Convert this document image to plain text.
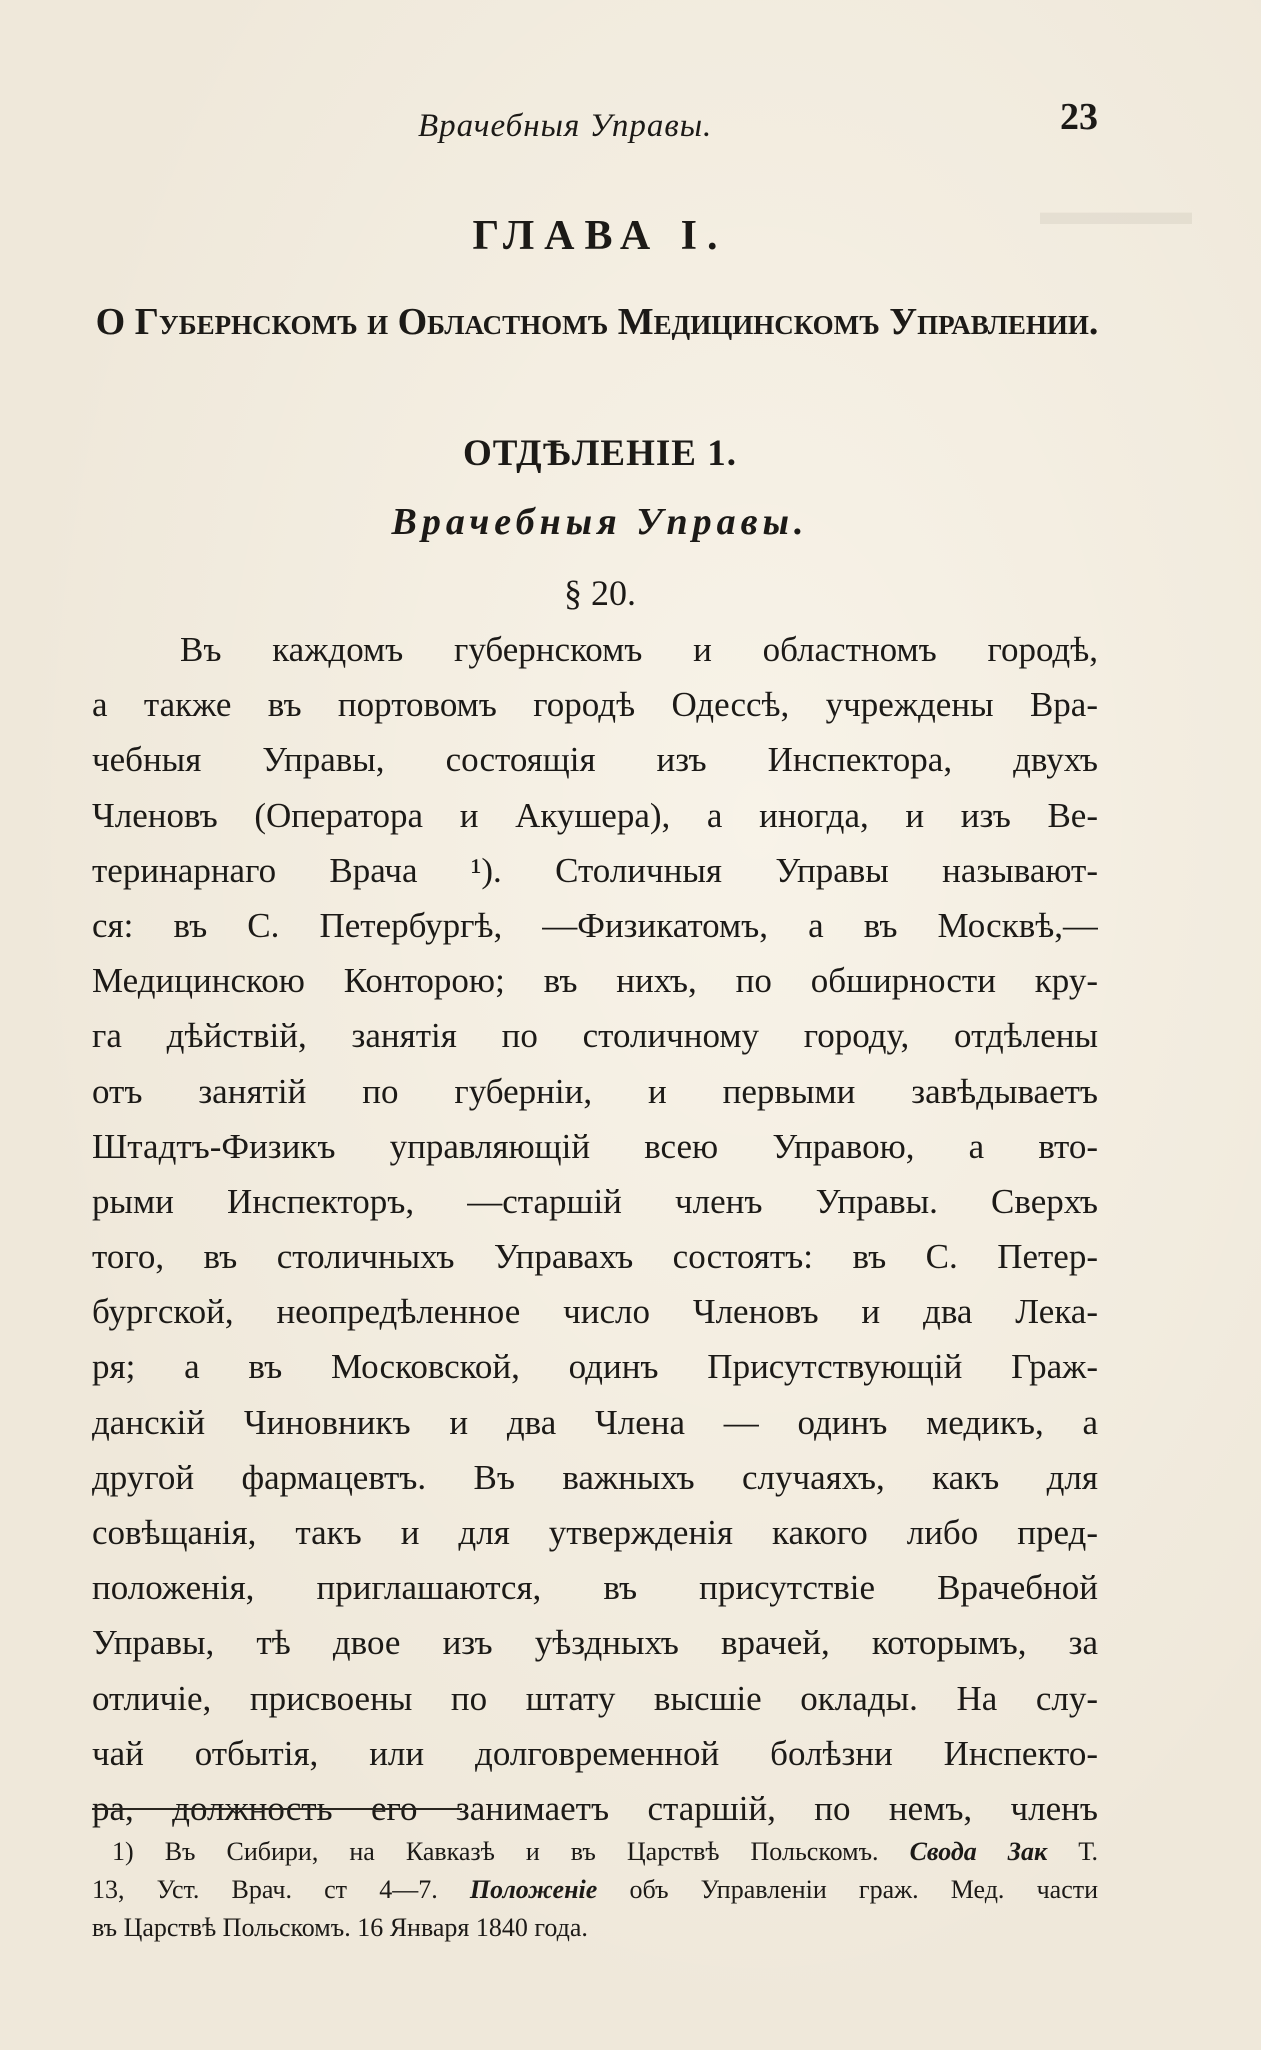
▬▬▬▬
Врачебныя Управы.	23
ГЛАВА I.
О Губернскомъ и Областномъ Медицинскомъ Управлении.
ОТДѢЛЕНІЕ 1.
Врачебныя Управы.
§ 20.
Въ каждомъ губернскомъ и областномъ городѣ,
а также въ портовомъ городѣ Одессѣ, учреждены Вра-
чебныя Управы, состоящія изъ Инспектора, двухъ
Членовъ (Оператора и Акушера), а иногда, и изъ Ве-
теринарнаго Врача ¹). Столичныя Управы называют-
ся: въ С. Петербургѣ, —Физикатомъ, а въ Москвѣ,—
Медицинскою Конторою; въ нихъ, по обширности кру-
га дѣйствій, занятія по столичному городу, отдѣлены
отъ занятій по губерніи, и первыми завѣдываетъ
Штадтъ-Физикъ управляющій всею Управою, а вто-
рыми Инспекторъ, —старшій членъ Управы. Сверхъ
того, въ столичныхъ Управахъ состоятъ: въ С. Петер-
бургской, неопредѣленное число Членовъ и два Лека-
ря; а въ Московской, одинъ Присутствующій Граж-
данскій Чиновникъ и два Члена — одинъ медикъ, а
другой фармацевтъ. Въ важныхъ случаяхъ, какъ для
совѣщанія, такъ и для утвержденія какого либо пред-
положенія, приглашаются, въ присутствіе Врачебной
Управы, тѣ двое изъ уѣздныхъ врачей, которымъ, за
отличіе, присвоены по штату высшіе оклады. На слу-
чай отбытія, или долговременной болѣзни Инспекто-
ра, должность его занимаетъ старшій, по немъ, членъ
1) Въ Сибири, на Кавказѣ и въ Царствѣ Польскомъ. Свода Зак Т.
13, Уст. Врач. ст 4—7. Положеніе объ Управленіи граж. Мед. части
въ Царствѣ Польскомъ. 16 Января 1840 года.
